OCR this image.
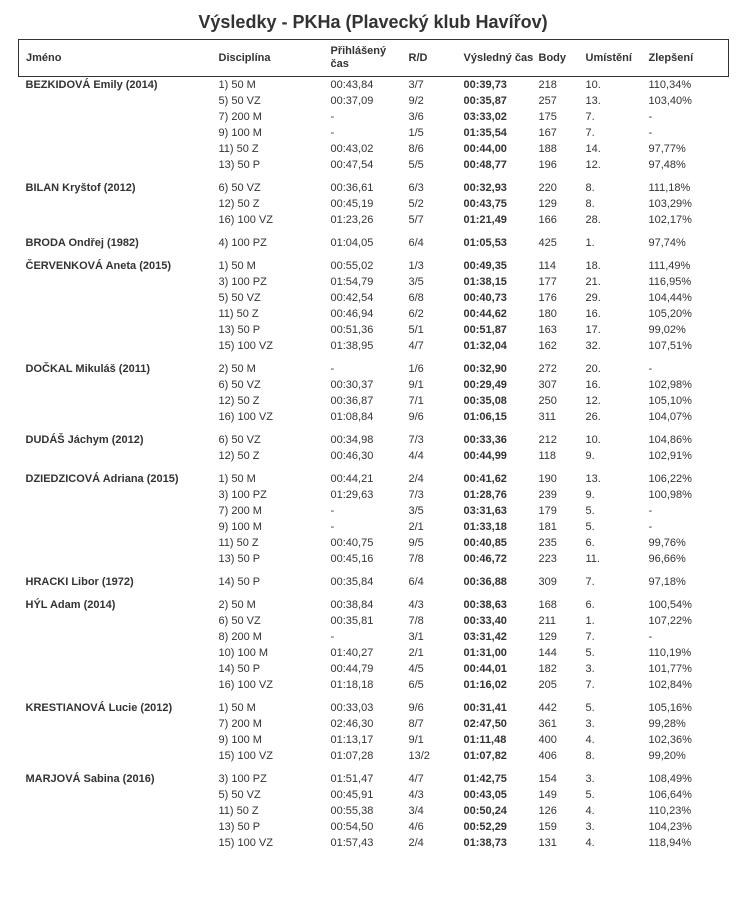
Výsledky - PKHa (Plavecký klub Havířov)
Jméno	Disciplína	Přihlášený čas	R/D	Výsledný čas	Body	Umístění	Zlepšení
BEZKIDOVÁ Emily (2014)	1) 50 M	00:43,84	3/7	00:39,73	218	10.	110,34%
	5) 50 VZ	00:37,09	9/2	00:35,87	257	13.	103,40%
	7) 200 M	-	3/6	03:33,02	175	7.	-
	9) 100 M	-	1/5	01:35,54	167	7.	-
	11) 50 Z	00:43,02	8/6	00:44,00	188	14.	97,77%
	13) 50 P	00:47,54	5/5	00:48,77	196	12.	97,48%

BILAN Kryštof (2012)	6) 50 VZ	00:36,61	6/3	00:32,93	220	8.	111,18%
	12) 50 Z	00:45,19	5/2	00:43,75	129	8.	103,29%
	16) 100 VZ	01:23,26	5/7	01:21,49	166	28.	102,17%

BRODA Ondřej (1982)	4) 100 PZ	01:04,05	6/4	01:05,53	425	1.	97,74%

ČERVENKOVÁ Aneta (2015)	1) 50 M	00:55,02	1/3	00:49,35	114	18.	111,49%
	3) 100 PZ	01:54,79	3/5	01:38,15	177	21.	116,95%
	5) 50 VZ	00:42,54	6/8	00:40,73	176	29.	104,44%
	11) 50 Z	00:46,94	6/2	00:44,62	180	16.	105,20%
	13) 50 P	00:51,36	5/1	00:51,87	163	17.	99,02%
	15) 100 VZ	01:38,95	4/7	01:32,04	162	32.	107,51%

DOČKAL Mikuláš (2011)	2) 50 M	-	1/6	00:32,90	272	20.	-
	6) 50 VZ	00:30,37	9/1	00:29,49	307	16.	102,98%
	12) 50 Z	00:36,87	7/1	00:35,08	250	12.	105,10%
	16) 100 VZ	01:08,84	9/6	01:06,15	311	26.	104,07%

DUDÁŠ Jáchym (2012)	6) 50 VZ	00:34,98	7/3	00:33,36	212	10.	104,86%
	12) 50 Z	00:46,30	4/4	00:44,99	118	9.	102,91%

DZIEDZICOVÁ Adriana (2015)	1) 50 M	00:44,21	2/4	00:41,62	190	13.	106,22%
	3) 100 PZ	01:29,63	7/3	01:28,76	239	9.	100,98%
	7) 200 M	-	3/5	03:31,63	179	5.	-
	9) 100 M	-	2/1	01:33,18	181	5.	-
	11) 50 Z	00:40,75	9/5	00:40,85	235	6.	99,76%
	13) 50 P	00:45,16	7/8	00:46,72	223	11.	96,66%

HRACKI Libor (1972)	14) 50 P	00:35,84	6/4	00:36,88	309	7.	97,18%

HÝL Adam (2014)	2) 50 M	00:38,84	4/3	00:38,63	168	6.	100,54%
	6) 50 VZ	00:35,81	7/8	00:33,40	211	1.	107,22%
	8) 200 M	-	3/1	03:31,42	129	7.	-
	10) 100 M	01:40,27	2/1	01:31,00	144	5.	110,19%
	14) 50 P	00:44,79	4/5	00:44,01	182	3.	101,77%
	16) 100 VZ	01:18,18	6/5	01:16,02	205	7.	102,84%

KRESTIANOVÁ Lucie (2012)	1) 50 M	00:33,03	9/6	00:31,41	442	5.	105,16%
	7) 200 M	02:46,30	8/7	02:47,50	361	3.	99,28%
	9) 100 M	01:13,17	9/1	01:11,48	400	4.	102,36%
	15) 100 VZ	01:07,28	13/2	01:07,82	406	8.	99,20%

MARJOVÁ Sabina (2016)	3) 100 PZ	01:51,47	4/7	01:42,75	154	3.	108,49%
	5) 50 VZ	00:45,91	4/3	00:43,05	149	5.	106,64%
	11) 50 Z	00:55,38	3/4	00:50,24	126	4.	110,23%
	13) 50 P	00:54,50	4/6	00:52,29	159	3.	104,23%
	15) 100 VZ	01:57,43	2/4	01:38,73	131	4.	118,94%
